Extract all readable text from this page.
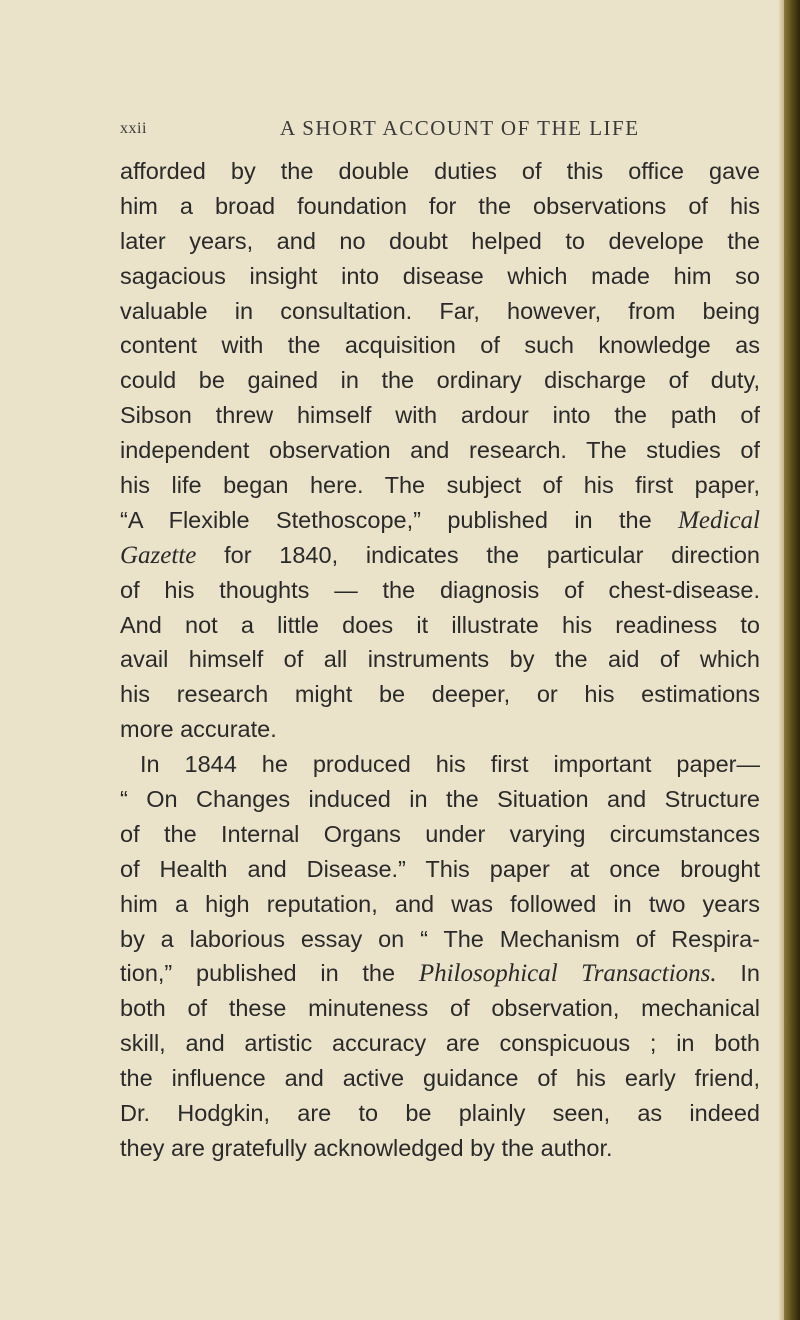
xxii	A SHORT ACCOUNT OF THE LIFE
afforded by the double duties of this office gave
him a broad foundation for the observations of his
later years, and no doubt helped to develope the
sagacious insight into disease which made him so
valuable in consultation. Far, however, from being
content with the acquisition of such knowledge as
could be gained in the ordinary discharge of duty,
Sibson threw himself with ardour into the path of
independent observation and research. The studies of
his life began here. The subject of his first paper,
“A Flexible Stethoscope,” published in the Medical
Gazette for 1840, indicates the particular direction
of his thoughts — the diagnosis of chest-disease.
And not a little does it illustrate his readiness to
avail himself of all instruments by the aid of which
his research might be deeper, or his estimations
more accurate.
In 1844 he produced his first important paper—
“ On Changes induced in the Situation and Structure
of the Internal Organs under varying circumstances
of Health and Disease.” This paper at once brought
him a high reputation, and was followed in two years
by a laborious essay on “ The Mechanism of Respira-
tion,” published in the Philosophical Transactions. In
both of these minuteness of observation, mechanical
skill, and artistic accuracy are conspicuous ; in both
the influence and active guidance of his early friend,
Dr. Hodgkin, are to be plainly seen, as indeed
they are gratefully acknowledged by the author.
